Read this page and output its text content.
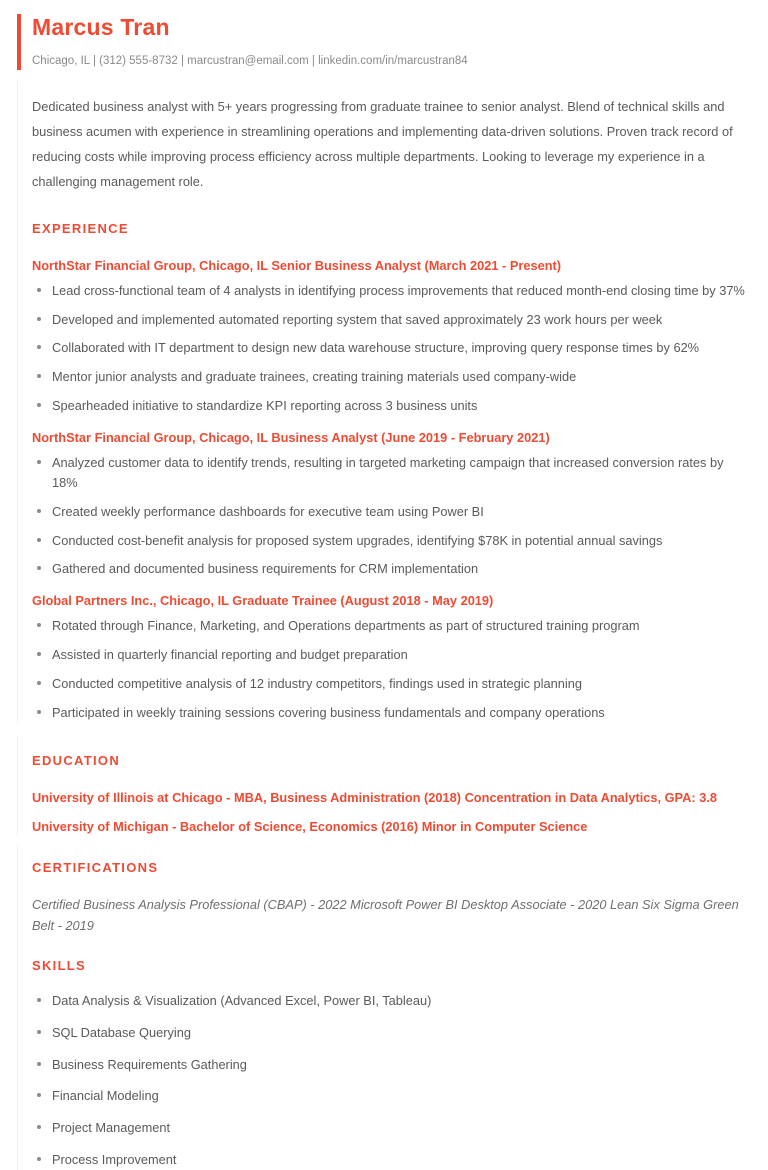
Marcus Tran

Chicago, IL | (312) 555-8732 | marcustran@email.com | linkedin.com/in/marcustran84

Dedicated business analyst with 5+ years progressing from graduate trainee to senior analyst. Blend of technical skills and business acumen with experience in streamlining operations and implementing data-driven solutions. Proven track record of reducing costs while improving process efficiency across multiple departments. Looking to leverage my experience in a challenging management role.

EXPERIENCE

NorthStar Financial Group, Chicago, IL Senior Business Analyst (March 2021 - Present)

Lead cross-functional team of 4 analysts in identifying process improvements that reduced month-end closing time by 37%
Developed and implemented automated reporting system that saved approximately 23 work hours per week
Collaborated with IT department to design new data warehouse structure, improving query response times by 62%
Mentor junior analysts and graduate trainees, creating training materials used company-wide
Spearheaded initiative to standardize KPI reporting across 3 business units

NorthStar Financial Group, Chicago, IL Business Analyst (June 2019 - February 2021)

Analyzed customer data to identify trends, resulting in targeted marketing campaign that increased conversion rates by 18%
Created weekly performance dashboards for executive team using Power BI
Conducted cost-benefit analysis for proposed system upgrades, identifying $78K in potential annual savings
Gathered and documented business requirements for CRM implementation

Global Partners Inc., Chicago, IL Graduate Trainee (August 2018 - May 2019)

Rotated through Finance, Marketing, and Operations departments as part of structured training program
Assisted in quarterly financial reporting and budget preparation
Conducted competitive analysis of 12 industry competitors, findings used in strategic planning
Participated in weekly training sessions covering business fundamentals and company operations
EDUCATION

University of Illinois at Chicago - MBA, Business Administration (2018) Concentration in Data Analytics, GPA: 3.8

University of Michigan - Bachelor of Science, Economics (2016) Minor in Computer Science

CERTIFICATIONS

Certified Business Analysis Professional (CBAP) - 2022 Microsoft Power BI Desktop Associate - 2020 Lean Six Sigma Green Belt - 2019

SKILLS
Data Analysis & Visualization (Advanced Excel, Power BI, Tableau)
SQL Database Querying
Business Requirements Gathering
Financial Modeling
Project Management
Process Improvement
